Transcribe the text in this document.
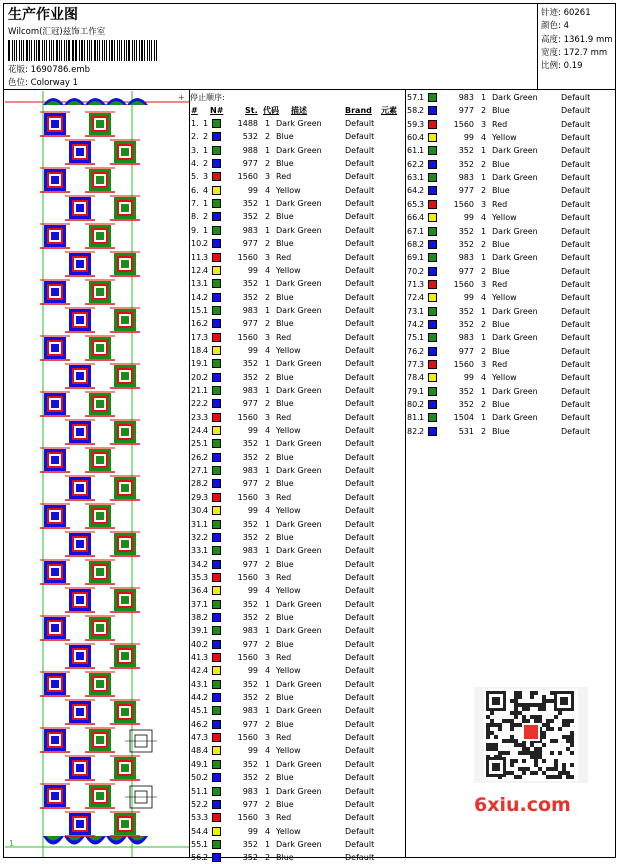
生产作业图
Wilcom(汇冠)兹饰工作室
花版: 1690786.emb
色位: Colorway 1
针迹: 60261
颜色: 4
高度: 1361.9 mm
宽度: 172.7 mm
比例: 0.19
+
1
停止顺序:
# N#	St. 代码 描述	Brand 元素
1. 1	1488 1 Dark Green	Default
2. 2	532 2 Blue	Default
3. 1	988 1 Dark Green	Default
4. 2	977 2 Blue	Default
5. 3	1560 3 Red	Default
6. 4	99 4 Yellow	Default
7. 1	352 1 Dark Green	Default
8. 2	352 2 Blue	Default
9. 1	983 1 Dark Green	Default
10. 2	977 2 Blue	Default
11. 3	1560 3 Red	Default
12. 4	99 4 Yellow	Default
13. 1	352 1 Dark Green	Default
14. 2	352 2 Blue	Default
15. 1	983 1 Dark Green	Default
16. 2	977 2 Blue	Default
17. 3	1560 3 Red	Default
18. 4	99 4 Yellow	Default
19. 1	352 1 Dark Green	Default
20. 2	352 2 Blue	Default
21. 1	983 1 Dark Green	Default
22. 2	977 2 Blue	Default
23. 3	1560 3 Red	Default
24. 4	99 4 Yellow	Default
25. 1	352 1 Dark Green	Default
26. 2	352 2 Blue	Default
27. 1	983 1 Dark Green	Default
28. 2	977 2 Blue	Default
29. 3	1560 3 Red	Default
30. 4	99 4 Yellow	Default
31. 1	352 1 Dark Green	Default
32. 2	352 2 Blue	Default
33. 1	983 1 Dark Green	Default
34. 2	977 2 Blue	Default
35. 3	1560 3 Red	Default
36. 4	99 4 Yellow	Default
37. 1	352 1 Dark Green	Default
38. 2	352 2 Blue	Default
39. 1	983 1 Dark Green	Default
40. 2	977 2 Blue	Default
41. 3	1560 3 Red	Default
42. 4	99 4 Yellow	Default
43. 1	352 1 Dark Green	Default
44. 2	352 2 Blue	Default
45. 1	983 1 Dark Green	Default
46. 2	977 2 Blue	Default
47. 3	1560 3 Red	Default
48. 4	99 4 Yellow	Default
49. 1	352 1 Dark Green	Default
50. 2	352 2 Blue	Default
51. 1	983 1 Dark Green	Default
52. 2	977 2 Blue	Default
53. 3	1560 3 Red	Default
54. 4	99 4 Yellow	Default
55. 1	352 1 Dark Green	Default
56. 2	352 2 Blue	Default
57. 1	983 1 Dark Green	Default
58. 2	977 2 Blue	Default
59. 3	1560 3 Red	Default
60. 4	99 4 Yellow	Default
61. 1	352 1 Dark Green	Default
62. 2	352 2 Blue	Default
63. 1	983 1 Dark Green	Default
64. 2	977 2 Blue	Default
65. 3	1560 3 Red	Default
66. 4	99 4 Yellow	Default
67. 1	352 1 Dark Green	Default
68. 2	352 2 Blue	Default
69. 1	983 1 Dark Green	Default
70. 2	977 2 Blue	Default
71. 3	1560 3 Red	Default
72. 4	99 4 Yellow	Default
73. 1	352 1 Dark Green	Default
74. 2	352 2 Blue	Default
75. 1	983 1 Dark Green	Default
76. 2	977 2 Blue	Default
77. 3	1560 3 Red	Default
78. 4	99 4 Yellow	Default
79. 1	352 1 Dark Green	Default
80. 2	352 2 Blue	Default
81. 1	1504 1 Dark Green	Default
82. 2	531 2 Blue	Default
6xiu.com
